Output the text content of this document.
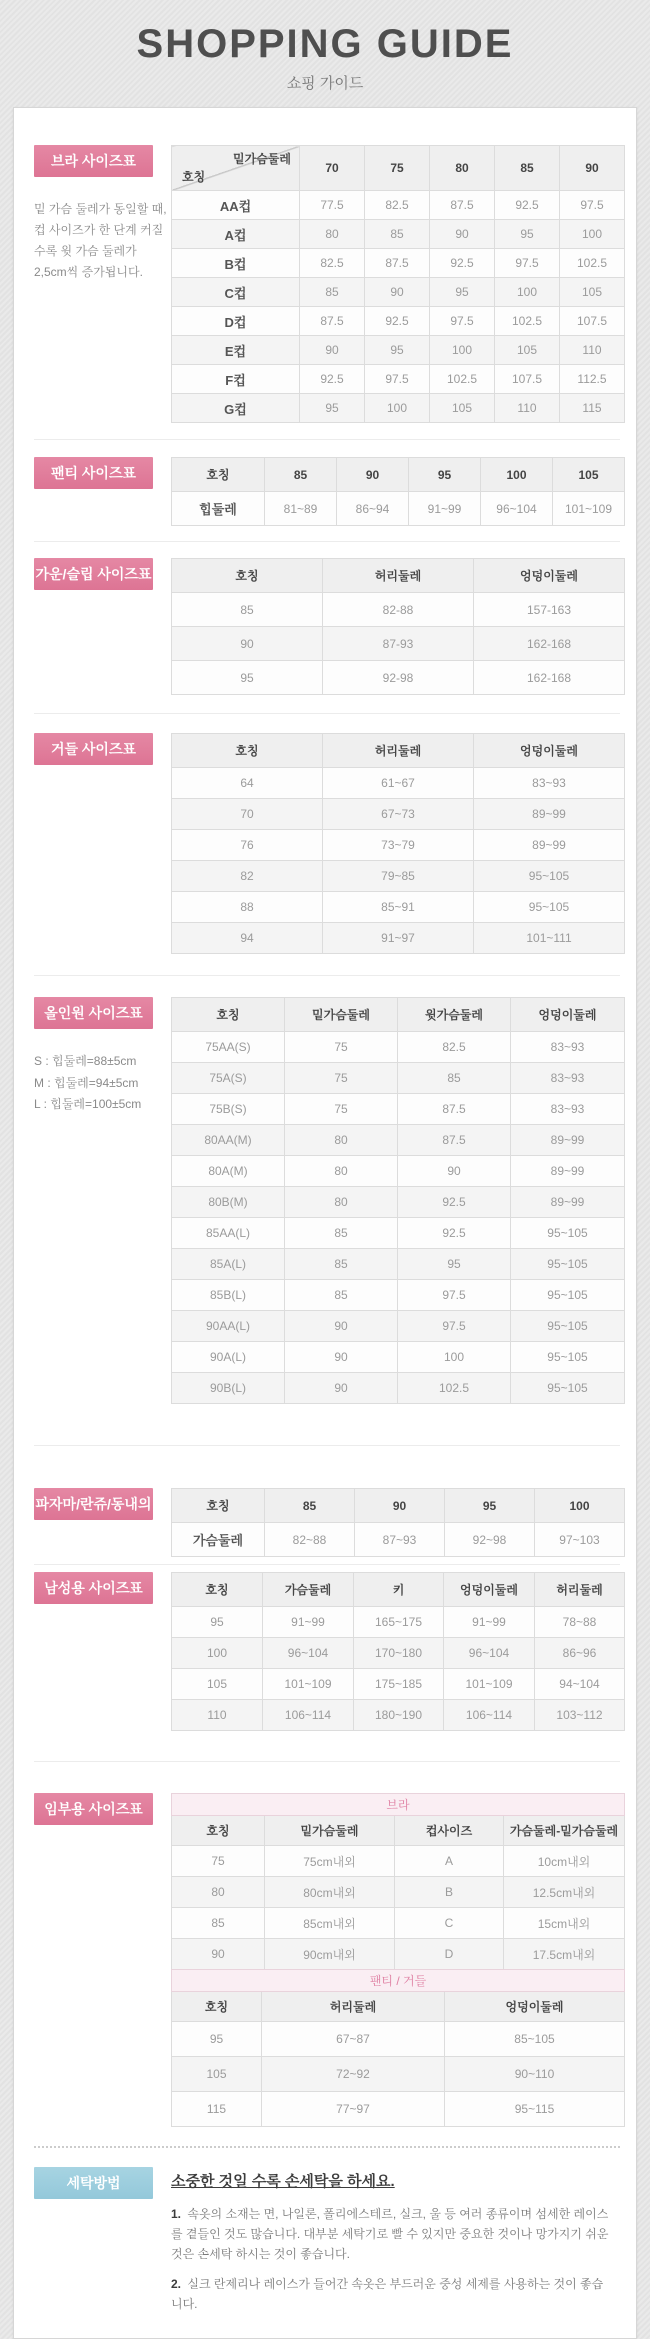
SHOPPING GUIDE
쇼핑 가이드
브라 사이즈표
밑 가슴 둘레가 동일할 때, 컵 사이즈가 한 단계 커질수록 윗 가슴 둘레가 2,5cm씩 증가됩니다.
밑가슴둘레
호칭	70	75	80	85	90
AA컵	77.5	82.5	87.5	92.5	97.5
A컵	80	85	90	95	100
B컵	82.5	87.5	92.5	97.5	102.5
C컵	85	90	95	100	105
D컵	87.5	92.5	97.5	102.5	107.5
E컵	90	95	100	105	110
F컵	92.5	97.5	102.5	107.5	112.5
G컵	95	100	105	110	115
팬티 사이즈표	호칭	85	90	95	100	105
힙둘레	81~89	86~94	91~99	96~104	101~109
가운/슬립 사이즈표	호칭	허리둘레	엉덩이둘레
85	82-88	157-163
90	87-93	162-168
95	92-98	162-168
거들 사이즈표	호칭	허리둘레	엉덩이둘레
64	61~67	83~93
70	67~73	89~99
76	73~79	89~99
82	79~85	95~105
88	85~91	95~105
94	91~97	101~111
올인원 사이즈표
S : 힙둘레=88±5cm
M : 힙둘레=94±5cm
L : 힙둘레=100±5cm
호칭	밑가슴둘레	윗가슴둘레	엉덩이둘레
75AA(S)	75	82.5	83~93
75A(S)	75	85	83~93
75B(S)	75	87.5	83~93
80AA(M)	80	87.5	89~99
80A(M)	80	90	89~99
80B(M)	80	92.5	89~99
85AA(L)	85	92.5	95~105
85A(L)	85	95	95~105
85B(L)	85	97.5	95~105
90AA(L)	90	97.5	95~105
90A(L)	90	100	95~105
90B(L)	90	102.5	95~105
파자마/란쥬/동내의	호칭	85	90	95	100
가슴둘레	82~88	87~93	92~98	97~103
남성용 사이즈표	호칭	가슴둘레	키	엉덩이둘레	허리둘레
95	91~99	165~175	91~99	78~88
100	96~104	170~180	96~104	86~96
105	101~109	175~185	101~109	94~104
110	106~114	180~190	106~114	103~112
임부용 사이즈표	브라			
호칭	밑가슴둘레	컵사이즈	가슴둘레-밑가슴둘레
75	75cm내외	A	10cm내외
80	80cm내외	B	12.5cm내외
85	85cm내외	C	15cm내외
90	90cm내외	D	17.5cm내외
팬티 / 거들		
호칭	허리둘레	엉덩이둘레
95	67~87	85~105
105	72~92	90~110
115	77~97	95~115
세탁방법	소중한 것일 수록 손세탁을 하세요.
1. 속옷의 소재는 면, 나일론, 폴리에스테르, 실크, 울 등 여러 종류이며 섬세한 레이스를 곁들인 것도 많습니다. 대부분 세탁기로 빨 수 있지만 중요한 것이나 망가지기 쉬운 것은 손세탁 하시는 것이 좋습니다.
2. 실크 란제리나 레이스가 들어간 속옷은 부드러운 중성 세제를 사용하는 것이 좋습니다.
